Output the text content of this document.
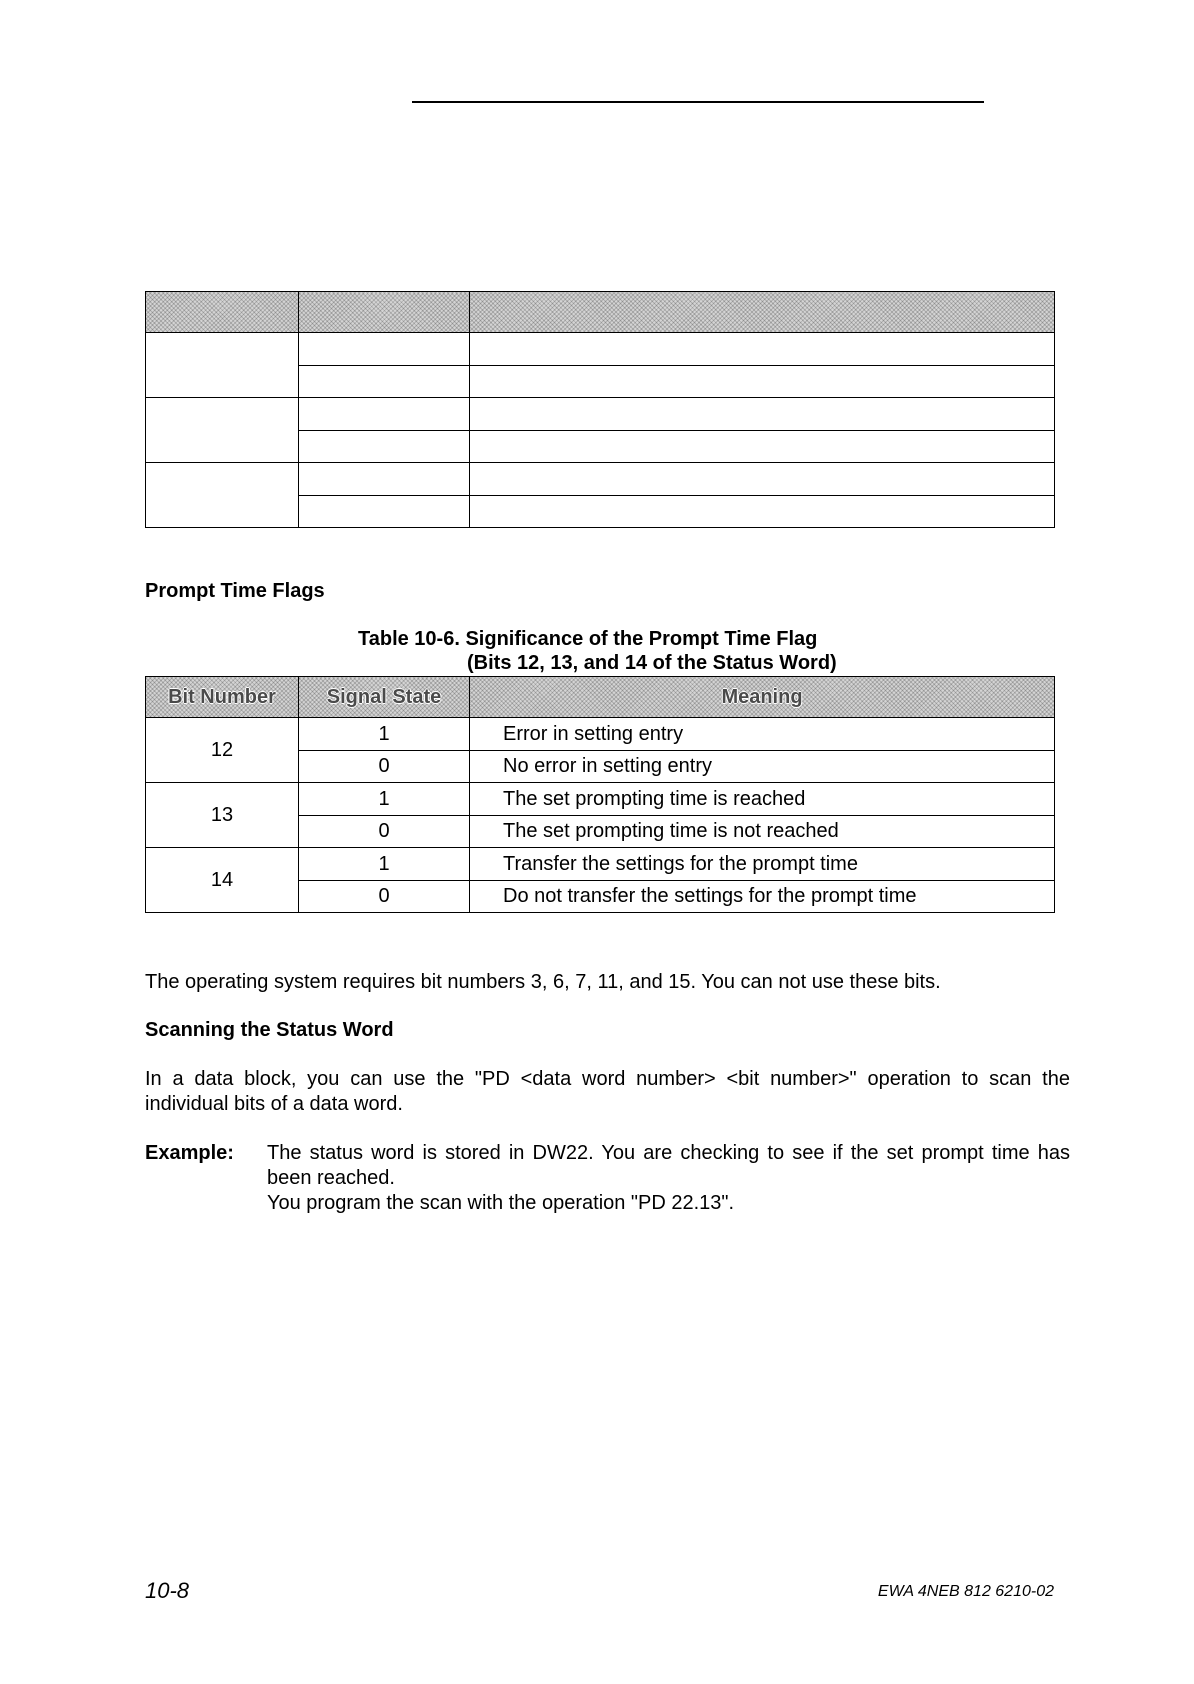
Prompt Time Flags
Table 10-6. Significance of the Prompt Time Flag
(Bits 12, 13, and 14 of the Status Word)
Bit Number	Signal State	Meaning
12	1	Error in setting entry
	0	No error in setting entry
13	1	The set prompting time is reached
	0	The set prompting time is not reached
14	1	Transfer the settings for the prompt time
	0	Do not transfer the settings for the prompt time
The operating system requires bit numbers 3, 6, 7, 11, and 15. You can not use these bits.
Scanning the Status Word
In a data block, you can use the "PD <data word number> <bit number>" operation to scan the
individual bits of a data word.
Example: The status word is stored in DW22. You are checking to see if the set prompt time has
been reached.
You program the scan with the operation "PD 22.13".
10-8	EWA 4NEB 812 6210-02
